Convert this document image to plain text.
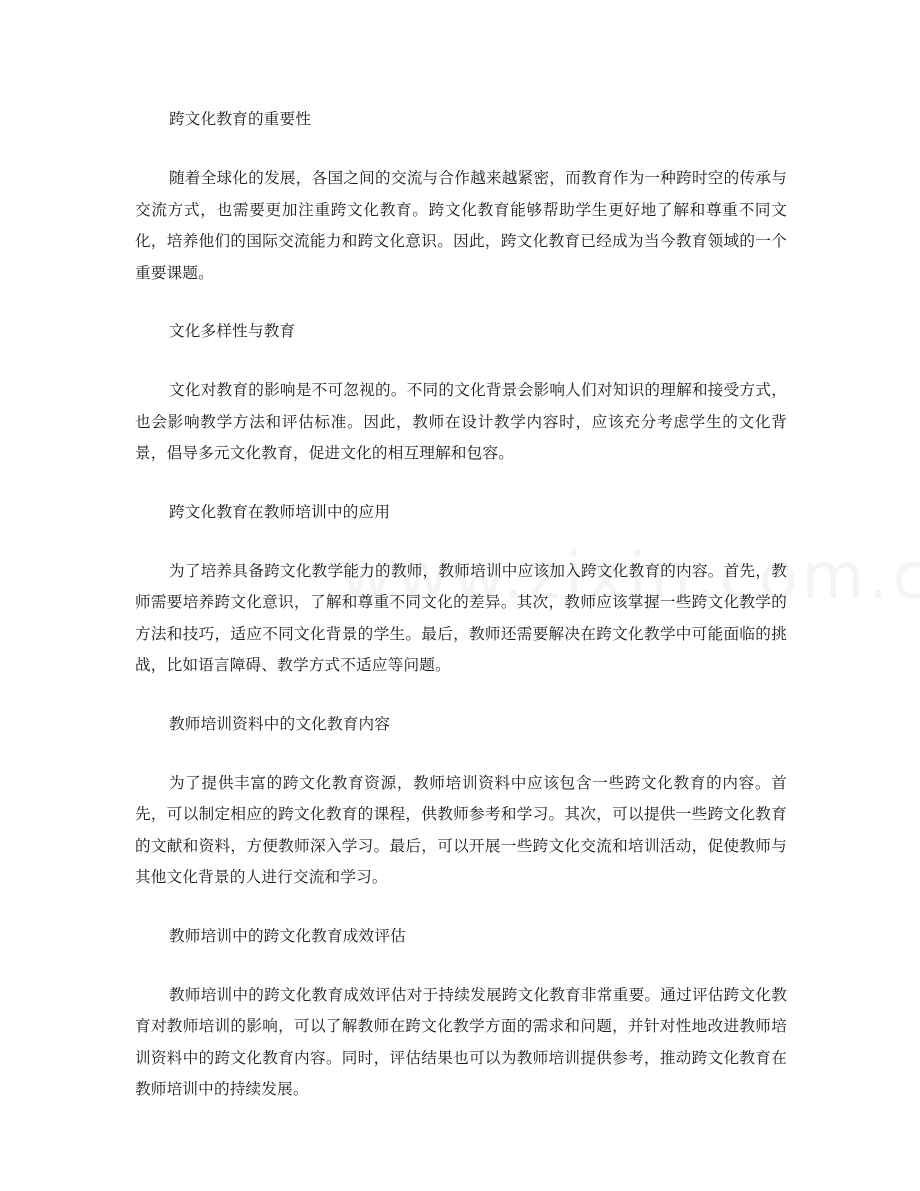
跨文化教育的重要性

随着全球化的发展，各国之间的交流与合作越来越紧密，而教育作为一种跨时空的传承与交流方式，也需要更加注重跨文化教育。跨文化教育能够帮助学生更好地了解和尊重不同文化，培养他们的国际交流能力和跨文化意识。因此，跨文化教育已经成为当今教育领域的一个重要课题。

文化多样性与教育

文化对教育的影响是不可忽视的。不同的文化背景会影响人们对知识的理解和接受方式，也会影响教学方法和评估标准。因此，教师在设计教学内容时，应该充分考虑学生的文化背景，倡导多元文化教育，促进文化的相互理解和包容。

跨文化教育在教师培训中的应用

为了培养具备跨文化教学能力的教师，教师培训中应该加入跨文化教育的内容。首先，教师需要培养跨文化意识，了解和尊重不同文化的差异。其次，教师应该掌握一些跨文化教学的方法和技巧，适应不同文化背景的学生。最后，教师还需要解决在跨文化教学中可能面临的挑战，比如语言障碍、教学方式不适应等问题。

教师培训资料中的文化教育内容

为了提供丰富的跨文化教育资源，教师培训资料中应该包含一些跨文化教育的内容。首先，可以制定相应的跨文化教育的课程，供教师参考和学习。其次，可以提供一些跨文化教育的文献和资料，方便教师深入学习。最后，可以开展一些跨文化交流和培训活动，促使教师与其他文化背景的人进行交流和学习。

教师培训中的跨文化教育成效评估

教师培训中的跨文化教育成效评估对于持续发展跨文化教育非常重要。通过评估跨文化教育对教师培训的影响，可以了解教师在跨文化教学方面的需求和问题，并针对性地改进教师培训资料中的跨文化教育内容。同时，评估结果也可以为教师培训提供参考，推动跨文化教育在教师培训中的持续发展。
